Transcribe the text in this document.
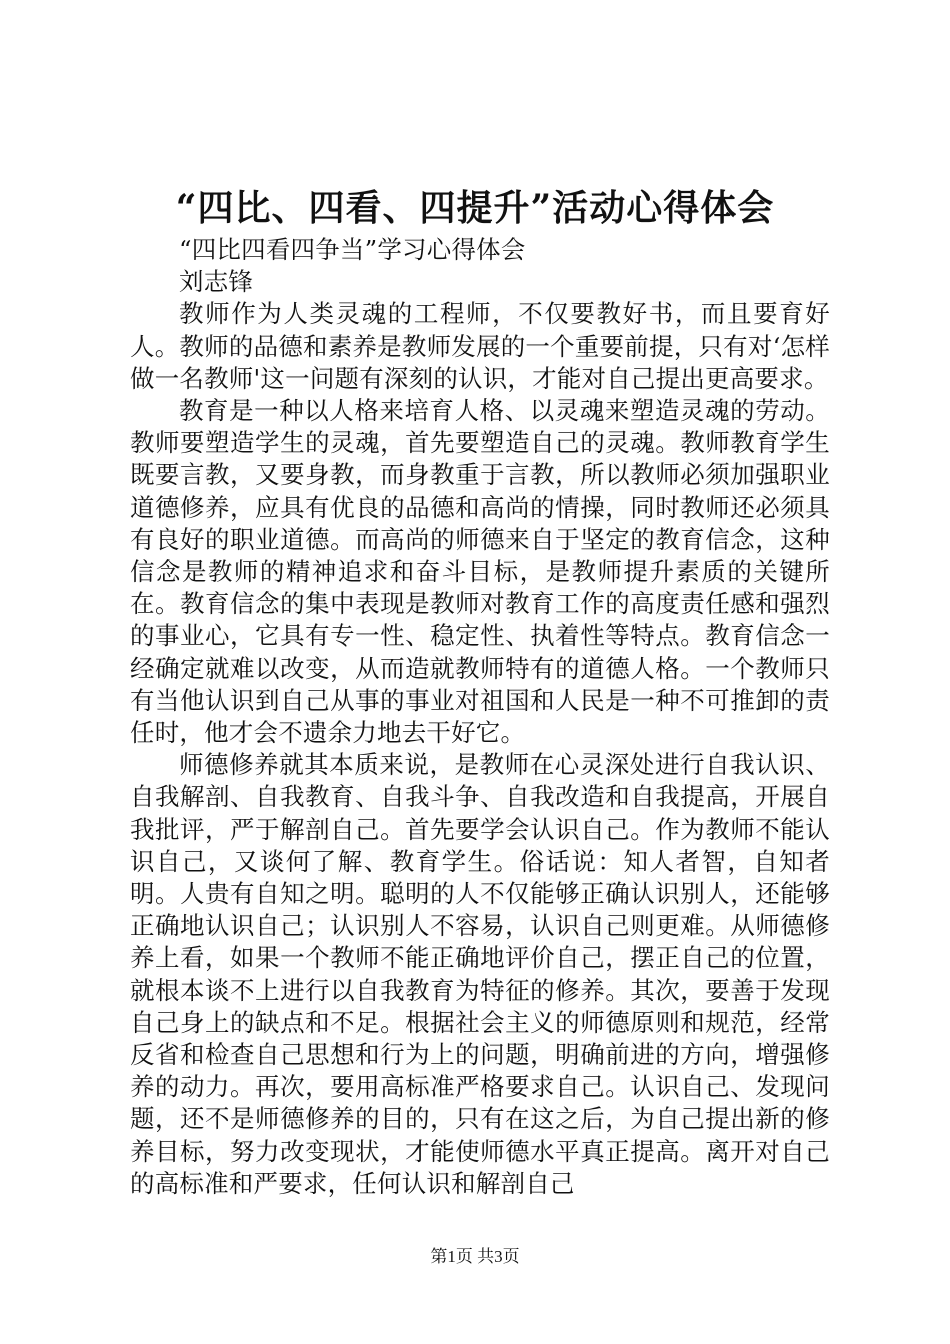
“四比、四看、四提升”活动心得体会

“四比四看四争当”学习心得体会

刘志锋

教师作为人类灵魂的工程师，不仅要教好书，而且要育好人。教师的品德和素养是教师发展的一个重要前提，只有对‘怎样做一名教师'这一问题有深刻的认识，才能对自己提出更高要求。

教育是一种以人格来培育人格、以灵魂来塑造灵魂的劳动。教师要塑造学生的灵魂，首先要塑造自己的灵魂。教师教育学生既要言教，又要身教，而身教重于言教，所以教师必须加强职业道德修养，应具有优良的品德和高尚的情操，同时教师还必须具有良好的职业道德。而高尚的师德来自于坚定的教育信念，这种信念是教师的精神追求和奋斗目标，是教师提升素质的关键所在。教育信念的集中表现是教师对教育工作的高度责任感和强烈的事业心，它具有专一性、稳定性、执着性等特点。教育信念一经确定就难以改变，从而造就教师特有的道德人格。一个教师只有当他认识到自己从事的事业对祖国和人民是一种不可推卸的责任时，他才会不遗余力地去干好它。

师德修养就其本质来说，是教师在心灵深处进行自我认识、自我解剖、自我教育、自我斗争、自我改造和自我提高，开展自我批评，严于解剖自己。首先要学会认识自己。作为教师不能认识自己，又谈何了解、教育学生。俗话说：知人者智，自知者明。人贵有自知之明。聪明的人不仅能够正确认识别人，还能够正确地认识自己；认识别人不容易，认识自己则更难。从师德修养上看，如果一个教师不能正确地评价自己，摆正自己的位置，就根本谈不上进行以自我教育为特征的修养。其次，要善于发现自己身上的缺点和不足。根据社会主义的师德原则和规范，经常反省和检查自己思想和行为上的问题，明确前进的方向，增强修养的动力。再次，要用高标准严格要求自己。认识自己、发现问题，还不是师德修养的目的，只有在这之后，为自己提出新的修养目标，努力改变现状，才能使师德水平真正提高。离开对自己的高标准和严要求，任何认识和解剖自己

第1页 共3页
